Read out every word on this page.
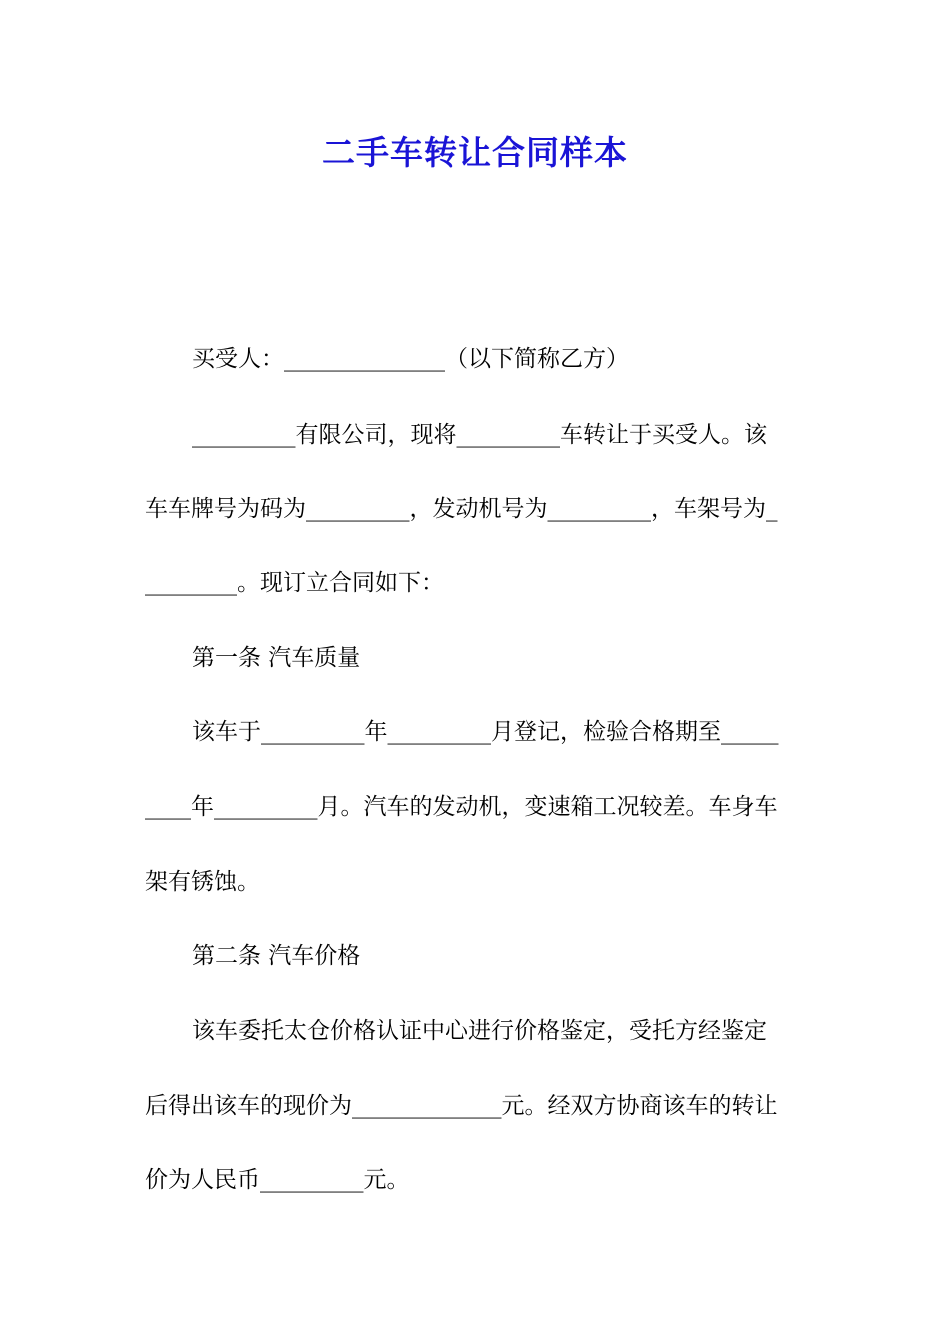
二手车转让合同样本
买受人：______________（以下简称乙方）
_________有限公司，现将_________车转让于买受人。该
车车牌号为码为_________，发动机号为_________，车架号为_
________。现订立合同如下：
第一条 汽车质量
该车于_________年_________月登记，检验合格期至_____
____年_________月。汽车的发动机，变速箱工况较差。车身车
架有锈蚀。
第二条 汽车价格
该车委托太仓价格认证中心进行价格鉴定，受托方经鉴定
后得出该车的现价为_____________元。经双方协商该车的转让
价为人民币_________元。
